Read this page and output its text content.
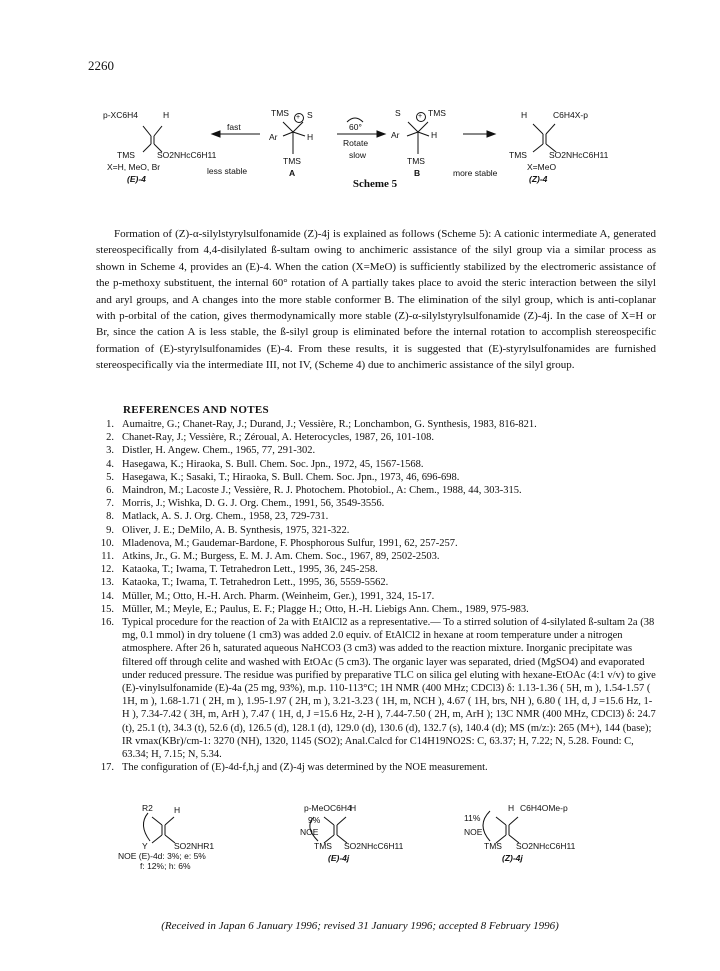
2260
p-XC6H4	H
TMS	SO2NHcC6H11
X=H, MeO, Br
(E)-4
fast
less stable
TMS + S
Ar	H
TMS
A
60°
Rotate
slow
S + TMS
Ar	H
TMS
B	more stable
H	C6H4X-p
TMS	SO2NHcC6H11
X=MeO
(Z)-4
Scheme 5
Formation of (Z)-α-silylstyrylsulfonamide (Z)-4j is explained as follows (Scheme 5): A cationic intermediate A, generated stereospecifically from 4,4-disilylated ß-sultam owing to anchimeric assistance of the silyl group via a similar process as shown in Scheme 4, provides an (E)-4. When the cation (X=MeO) is sufficiently stabilized by the electromeric assistance of the p-methoxy substituent, the internal 60° rotation of A partially takes place to avoid the steric interaction between the silyl and aryl groups, and A changes into the more stable conformer B. The elimination of the silyl group, which is anti-coplanar with p-orbital of the cation, gives thermodynamically more stable (Z)-α-silylstyrylsulfonamide (Z)-4j. In the case of X=H or Br, since the cation A is less stable, the ß-silyl group is eliminated before the internal rotation to accomplish stereospecific formation of (E)-styrylsulfonamides (E)-4. From these results, it is suggested that (E)-styrylsulfonamides are furnished stereospecifically via the intermediate III, not IV, (Scheme 4) due to anchimeric assistance of the silyl group.
REFERENCES AND NOTES
1. Aumaitre, G.; Chanet-Ray, J.; Durand, J.; Vessière, R.; Lonchambon, G. Synthesis, 1983, 816-821.
2. Chanet-Ray, J.; Vessière, R.; Zéroual, A. Heterocycles, 1987, 26, 101-108.
3. Distler, H. Angew. Chem., 1965, 77, 291-302.
4. Hasegawa, K.; Hiraoka, S. Bull. Chem. Soc. Jpn., 1972, 45, 1567-1568.
5. Hasegawa, K.; Sasaki, T.; Hiraoka, S. Bull. Chem. Soc. Jpn., 1973, 46, 696-698.
6. Maindron, M.; Lacoste J.; Vessière, R. J. Photochem. Photobiol., A: Chem., 1988, 44, 303-315.
7. Morris, J.; Wishka, D. G. J. Org. Chem., 1991, 56, 3549-3556.
8. Matlack, A. S. J. Org. Chem., 1958, 23, 729-731.
9. Oliver, J. E.; DeMilo, A. B. Synthesis, 1975, 321-322.
10. Mladenova, M.; Gaudemar-Bardone, F. Phosphorous Sulfur, 1991, 62, 257-257.
11. Atkins, Jr., G. M.; Burgess, E. M. J. Am. Chem. Soc., 1967, 89, 2502-2503.
12. Kataoka, T.; Iwama, T. Tetrahedron Lett., 1995, 36, 245-258.
13. Kataoka, T.; Iwama, T. Tetrahedron Lett., 1995, 36, 5559-5562.
14. Müller, M.; Otto, H.-H. Arch. Pharm. (Weinheim, Ger.), 1991, 324, 15-17.
15. Müller, M.; Meyle, E.; Paulus, E. F.; Plagge H.; Otto, H.-H. Liebigs Ann. Chem., 1989, 975-983.
16. Typical procedure for the reaction of 2a with EtAlCl2 as a representative.— To a stirred solution of 4-silylated ß-sultam 2a (38 mg, 0.1 mmol) in dry toluene (1 cm3) was added 2.0 equiv. of EtAlCl2 in hexane at room temperature under a nitrogen atmosphere. After 26 h, saturated aqueous NaHCO3 (3 cm3) was added to the reaction mixture. Inorganic precipitate was filtered off through celite and washed with EtOAc (5 cm3). The organic layer was separated, dried (MgSO4) and evaporated under reduced pressure. The residue was purified by preparative TLC on silica gel eluting with hexane-EtOAc (4:1 v/v) to give (E)-vinylsulfonamide (E)-4a (25 mg, 93%), m.p. 110-113°C; 1H NMR (400 MHz; CDCl3) δ: 1.13-1.36 ( 5H, m ), 1.54-1.57 ( 1H, m ), 1.68-1.71 ( 2H, m ), 1.95-1.97 ( 2H, m ), 3.21-3.23 ( 1H, m, NCH ), 4.67 ( 1H, brs, NH ), 6.80 ( 1H, d, J =15.6 Hz, 1-H ), 7.34-7.42 ( 3H, m, ArH ), 7.47 ( 1H, d, J =15.6 Hz, 2-H ), 7.44-7.50 ( 2H, m, ArH ); 13C NMR (400 MHz, CDCl3) δ: 24.7 (t), 25.1 (t), 34.3 (t), 52.6 (d), 126.5 (d), 128.1 (d), 129.0 (d), 130.6 (d), 132.7 (s), 140.4 (d); MS (m/z:): 265 (M+), 144 (base); IR vmax(KBr)/cm-1: 3270 (NH), 1320, 1145 (SO2); Anal.Calcd for C14H19NO2S: C, 63.37; H, 7.22; N, 5.28. Found: C, 63.34; H, 7.15; N, 5.34.
17. The configuration of (E)-4d-f,h,j and (Z)-4j was determined by the NOE measurement.
R2 H
Y	SO2NHR1
NOE (E)-4d: 3%; e: 5%
f: 12%; h: 6%
p-MeOC6H4
H
9%
NOE
TMS SO2NHcC6H11
(E)-4j
H C6H4OMe-p
11%
NOE
TMS SO2NHcC6H11
(Z)-4j
(Received in Japan 6 January 1996; revised 31 January 1996; accepted 8 February 1996)
